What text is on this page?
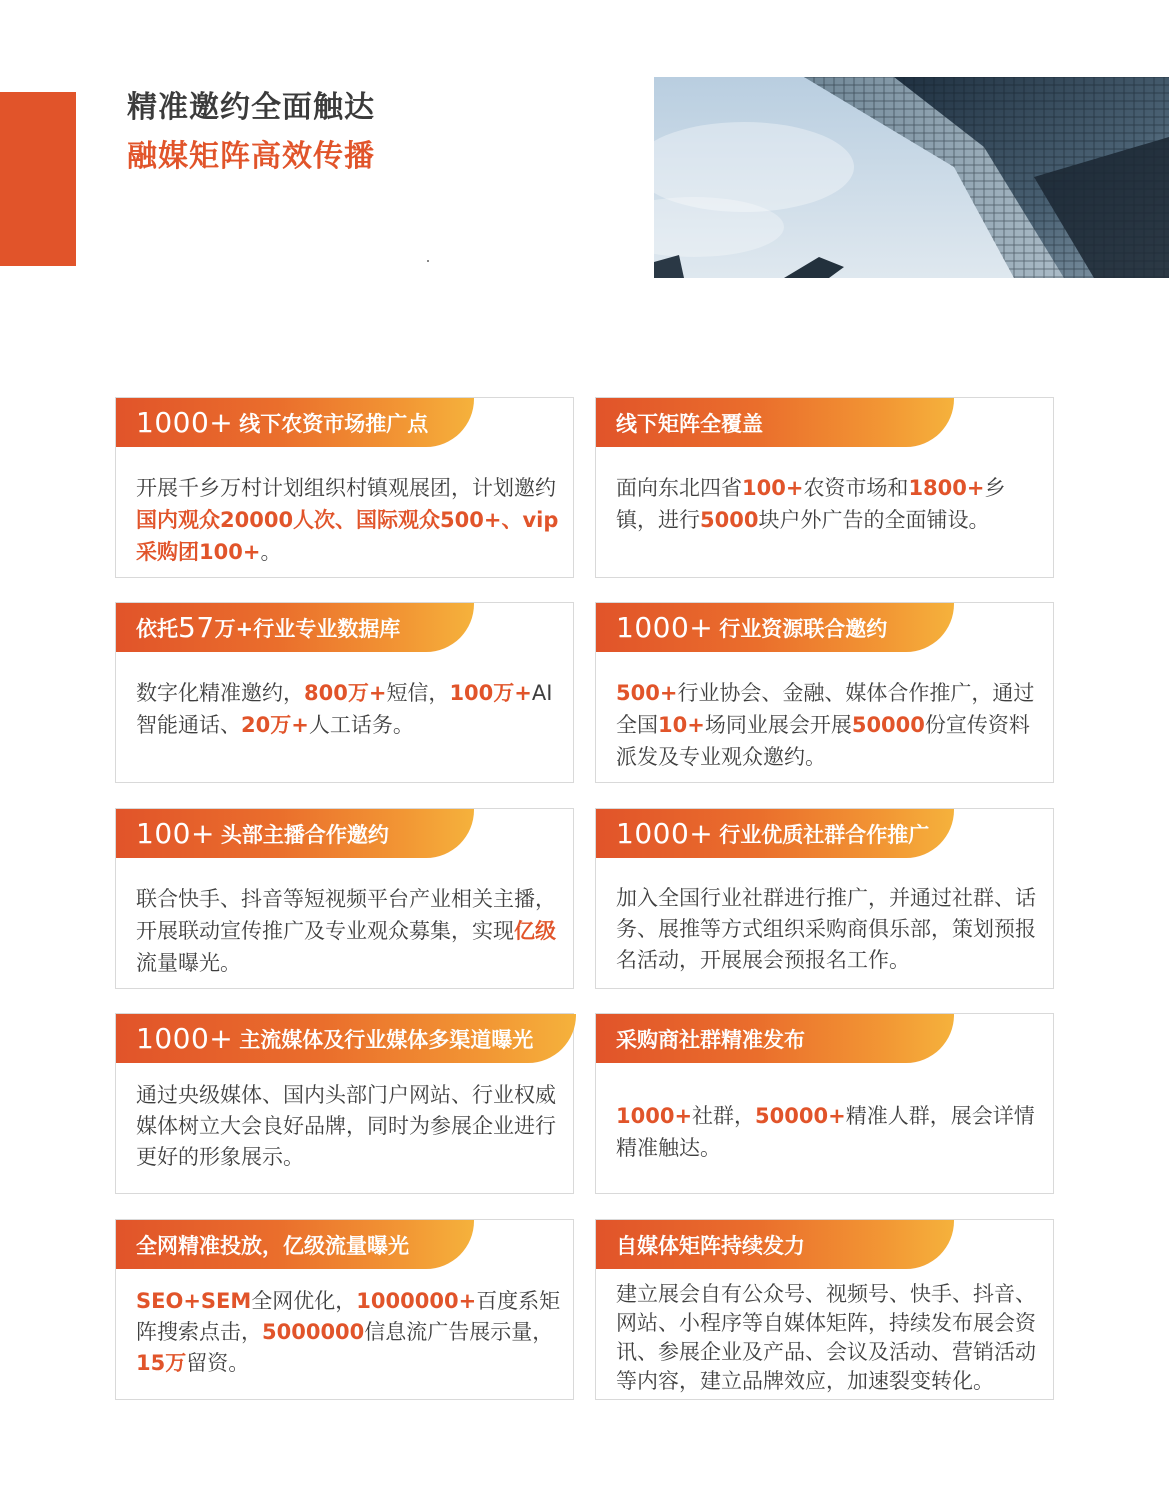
精准邀约全面触达
融媒矩阵高效传播
1000+ 线下农资市场推广点
开展千乡万村计划组织村镇观展团，计划邀约国内观众20000人次、国际观众500+、vip采购团100+。
线下矩阵全覆盖
面向东北四省100+农资市场和1800+乡镇，进行5000块户外广告的全面铺设。
依托 57 万+行业专业数据库
数字化精准邀约，800万+短信，100万+AI智能通话、20万+人工话务。
1000+ 行业资源联合邀约
500+行业协会、金融、媒体合作推广，通过全国10+场同业展会开展50000份宣传资料派发及专业观众邀约。
100+ 头部主播合作邀约
联合快手、抖音等短视频平台产业相关主播，开展联动宣传推广及专业观众募集，实现亿级流量曝光。
1000+ 行业优质社群合作推广
加入全国行业社群进行推广，并通过社群、话务、展推等方式组织采购商俱乐部，策划预报名活动，开展展会预报名工作。
1000+ 主流媒体及行业媒体多渠道曝光
通过央级媒体、国内头部门户网站、行业权威媒体树立大会良好品牌，同时为参展企业进行更好的形象展示。
采购商社群精准发布
1000+社群，50000+精准人群，展会详情精准触达。
全网精准投放，亿级流量曝光
SEO+SEM全网优化，1000000+百度系矩阵搜索点击，5000000信息流广告展示量，15万留资。
自媒体矩阵持续发力
建立展会自有公众号、视频号、快手、抖音、网站、小程序等自媒体矩阵，持续发布展会资讯、参展企业及产品、会议及活动、营销活动等内容，建立品牌效应，加速裂变转化。
